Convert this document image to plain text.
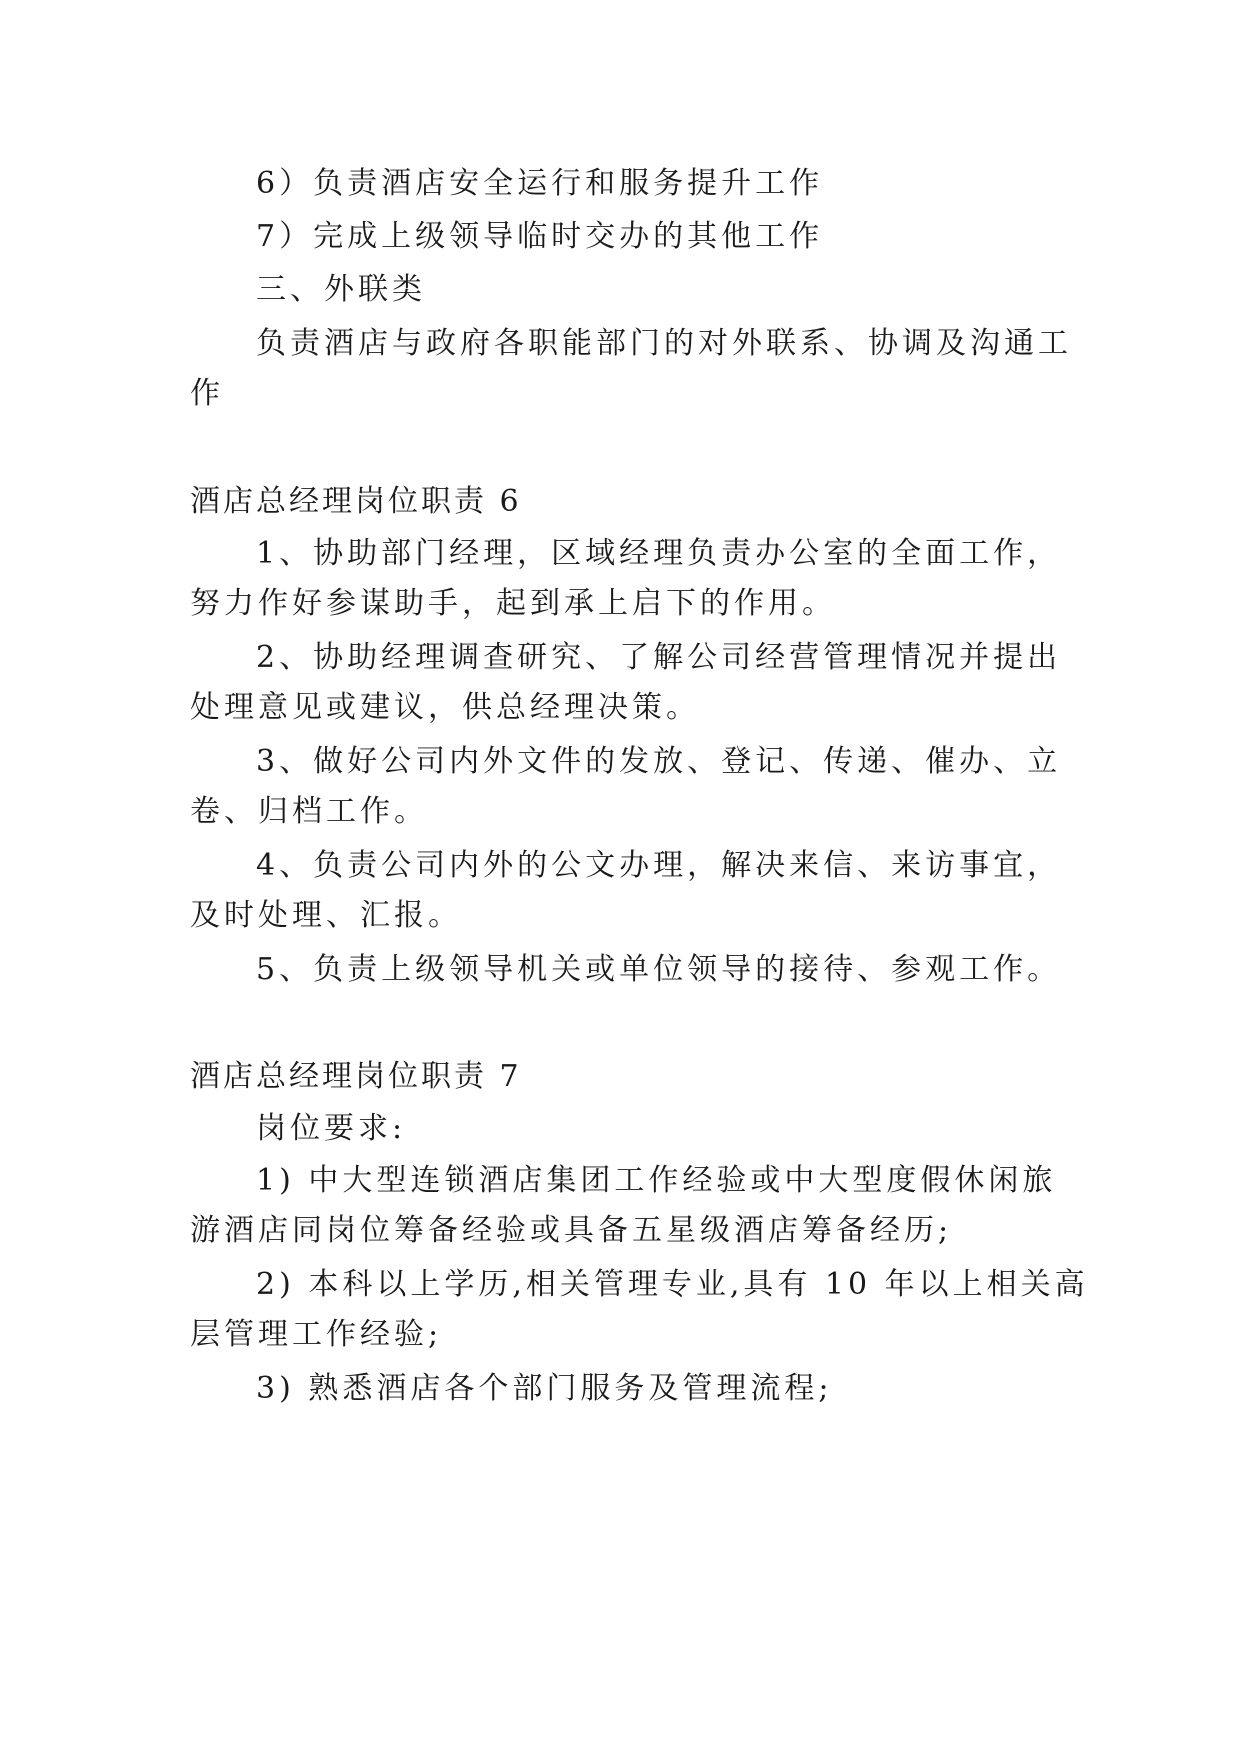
6）负责酒店安全运行和服务提升工作
7）完成上级领导临时交办的其他工作
三、外联类
负责酒店与政府各职能部门的对外联系、协调及沟通工
作
酒店总经理岗位职责 6
1、协助部门经理，区域经理负责办公室的全面工作，
努力作好参谋助手，起到承上启下的作用。
2、协助经理调查研究、了解公司经营管理情况并提出
处理意见或建议，供总经理决策。
3、做好公司内外文件的发放、登记、传递、催办、立
卷、归档工作。
4、负责公司内外的公文办理，解决来信、来访事宜，
及时处理、汇报。
5、负责上级领导机关或单位领导的接待、参观工作。
酒店总经理岗位职责 7
岗位要求:
1) 中大型连锁酒店集团工作经验或中大型度假休闲旅
游酒店同岗位筹备经验或具备五星级酒店筹备经历;
2) 本科以上学历,相关管理专业,具有 10 年以上相关高
层管理工作经验;
3) 熟悉酒店各个部门服务及管理流程;
